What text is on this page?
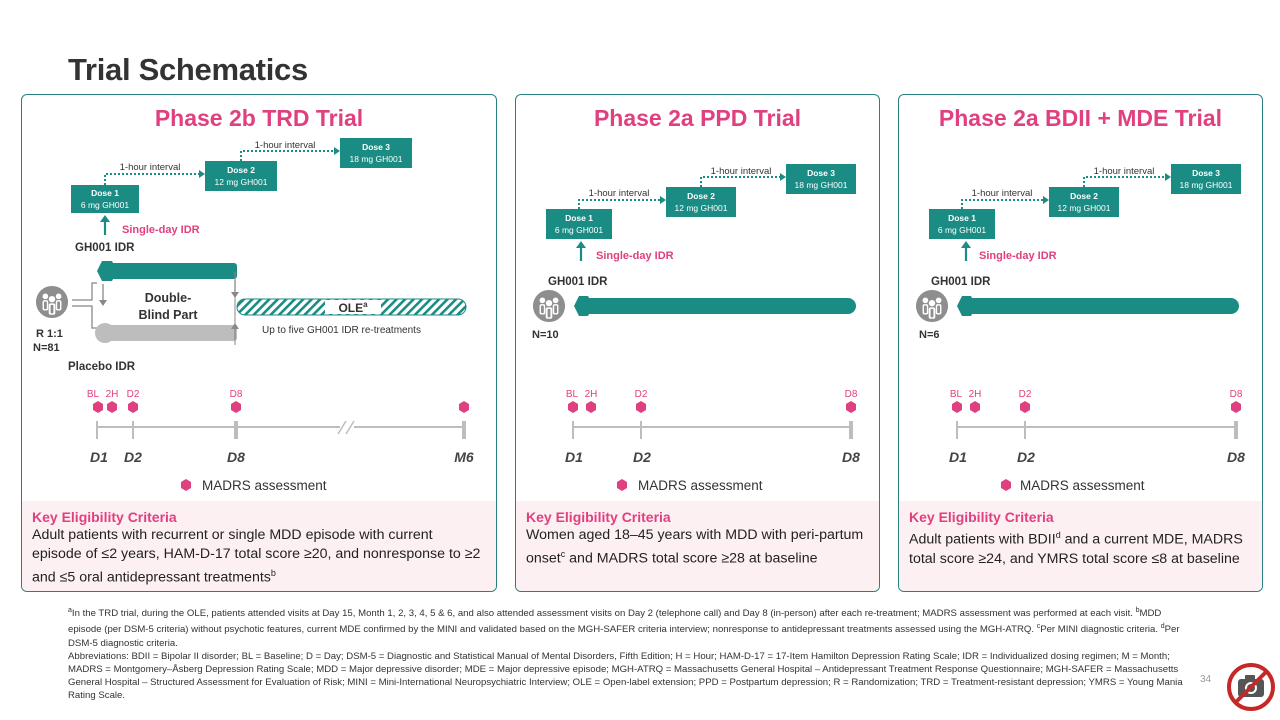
Trial Schematics
Phase 2b TRD Trial
Dose 1
6 mg GH001
Dose 2
12 mg GH001
Dose 3
18 mg GH001
1-hour interval
1-hour interval
Single-day IDR
GH001 IDR
R 1:1
N=81
Double-
Blind Part	OLE$^a$
Up to five GH001 IDR re-treatments
Placebo IDR
BL 2H D2	D8
D1 D2	D8	M6
MADRS assessment
Key Eligibility Criteria
Adult patients with recurrent or single MDD episode with current episode of ≤2 years, HAM-D-17 total score ≥20, and nonresponse to ≥2 and ≤5 oral antidepressant treatments$^b$
Phase 2a PPD Trial
Dose 1
6 mg GH001
Dose 2
12 mg GH001
Dose 3
18 mg GH001
1-hour interval
1-hour interval
Single-day IDR
GH001 IDR
N=10
BL 2H	D2	D8
D1	D2	D8
MADRS assessment
Key Eligibility Criteria
Women aged 18–45 years with MDD with peri-partum onset$^c$ and MADRS total score ≥28 at baseline
Phase 2a BDII + MDE Trial
Dose 1
6 mg GH001
Dose 2
12 mg GH001
Dose 3
18 mg GH001
1-hour interval
1-hour interval
Single-day IDR
GH001 IDR
N=6
BL 2H	D2	D8
D1	D2	D8
MADRS assessment
Key Eligibility Criteria
Adult patients with BDII$^d$ and a current MDE, MADRS total score ≥24, and YMRS total score ≤8 at baseline
$^a$In the TRD trial, during the OLE, patients attended visits at Day 15, Month 1, 2, 3, 4, 5 & 6, and also attended assessment visits on Day 2 (telephone call) and Day 8 (in-person) after each re-treatment; MADRS assessment was performed at each visit. $^b$MDD episode (per DSM-5 criteria) without psychotic features, current MDE confirmed by the MINI and validated based on the MGH-SAFER criteria interview; nonresponse to antidepressant treatments assessed using the MGH-ATRQ. $^c$Per MINI diagnostic criteria. $^d$Per DSM-5 diagnostic criteria.
Abbreviations: BDII = Bipolar II disorder; BL = Baseline; D = Day; DSM-5 = Diagnostic and Statistical Manual of Mental Disorders, Fifth Edition; H = Hour; HAM-D-17 = 17-Item Hamilton Depression Rating Scale; IDR = Individualized dosing regimen; M = Month; MADRS = Montgomery–Åsberg Depression Rating Scale; MDD = Major depressive disorder; MDE = Major depressive episode; MGH-ATRQ = Massachusetts General Hospital – Antidepressant Treatment Response Questionnaire; MGH-SAFER = Massachusetts General Hospital – Structured Assessment for Evaluation of Risk; MINI = Mini-International Neuropsychiatric Interview; OLE = Open-label extension; PPD = Postpartum depression; R = Randomization; TRD = Treatment-resistant depression; YMRS = Young Mania Rating Scale.
34
